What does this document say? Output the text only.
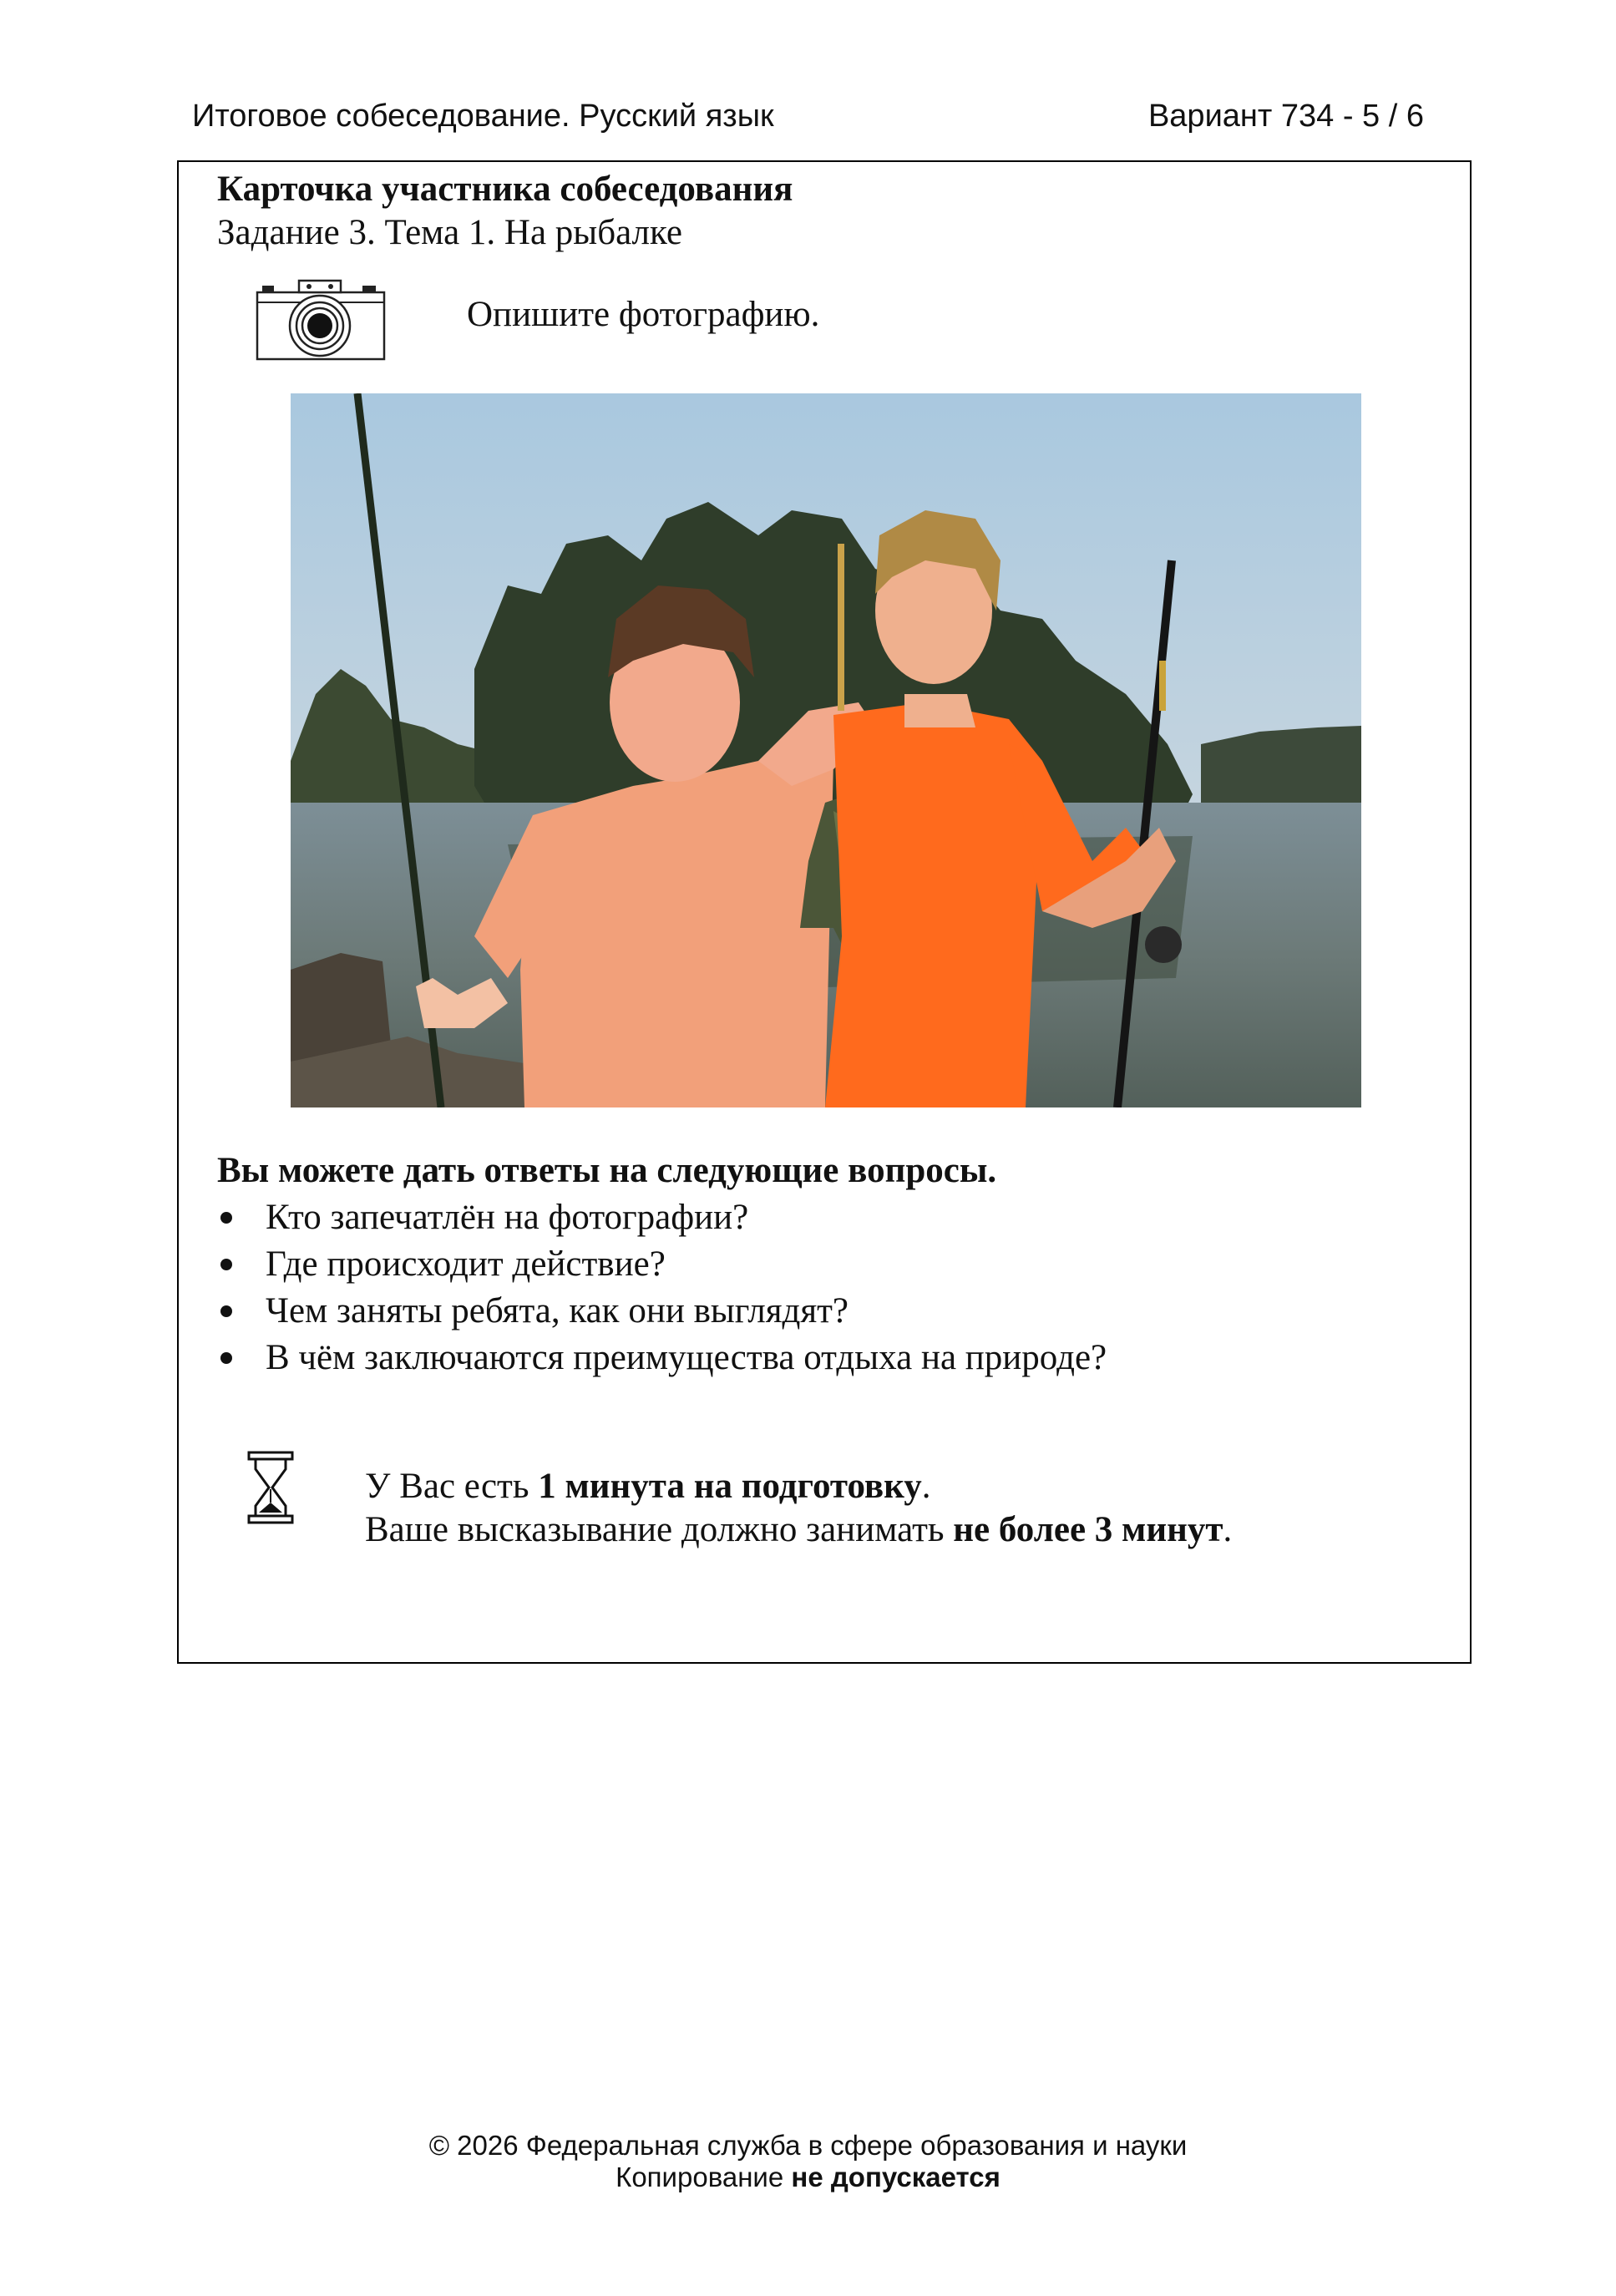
Итоговое собеседование. Русский язык	Вариант 734 - 5 / 6
Карточка участника собеседования
Задание 3. Тема 1. На рыбалке
Опишите фотографию.
Вы можете дать ответы на следующие вопросы.
Кто запечатлён на фотографии?
Где происходит действие?
Чем заняты ребята, как они выглядят?
В чём заключаются преимущества отдыха на природе?
У Вас есть 1 минута на подготовку.
Ваше высказывание должно занимать не более 3 минут.
© 2026 Федеральная служба в сфере образования и науки
Копирование не допускается
